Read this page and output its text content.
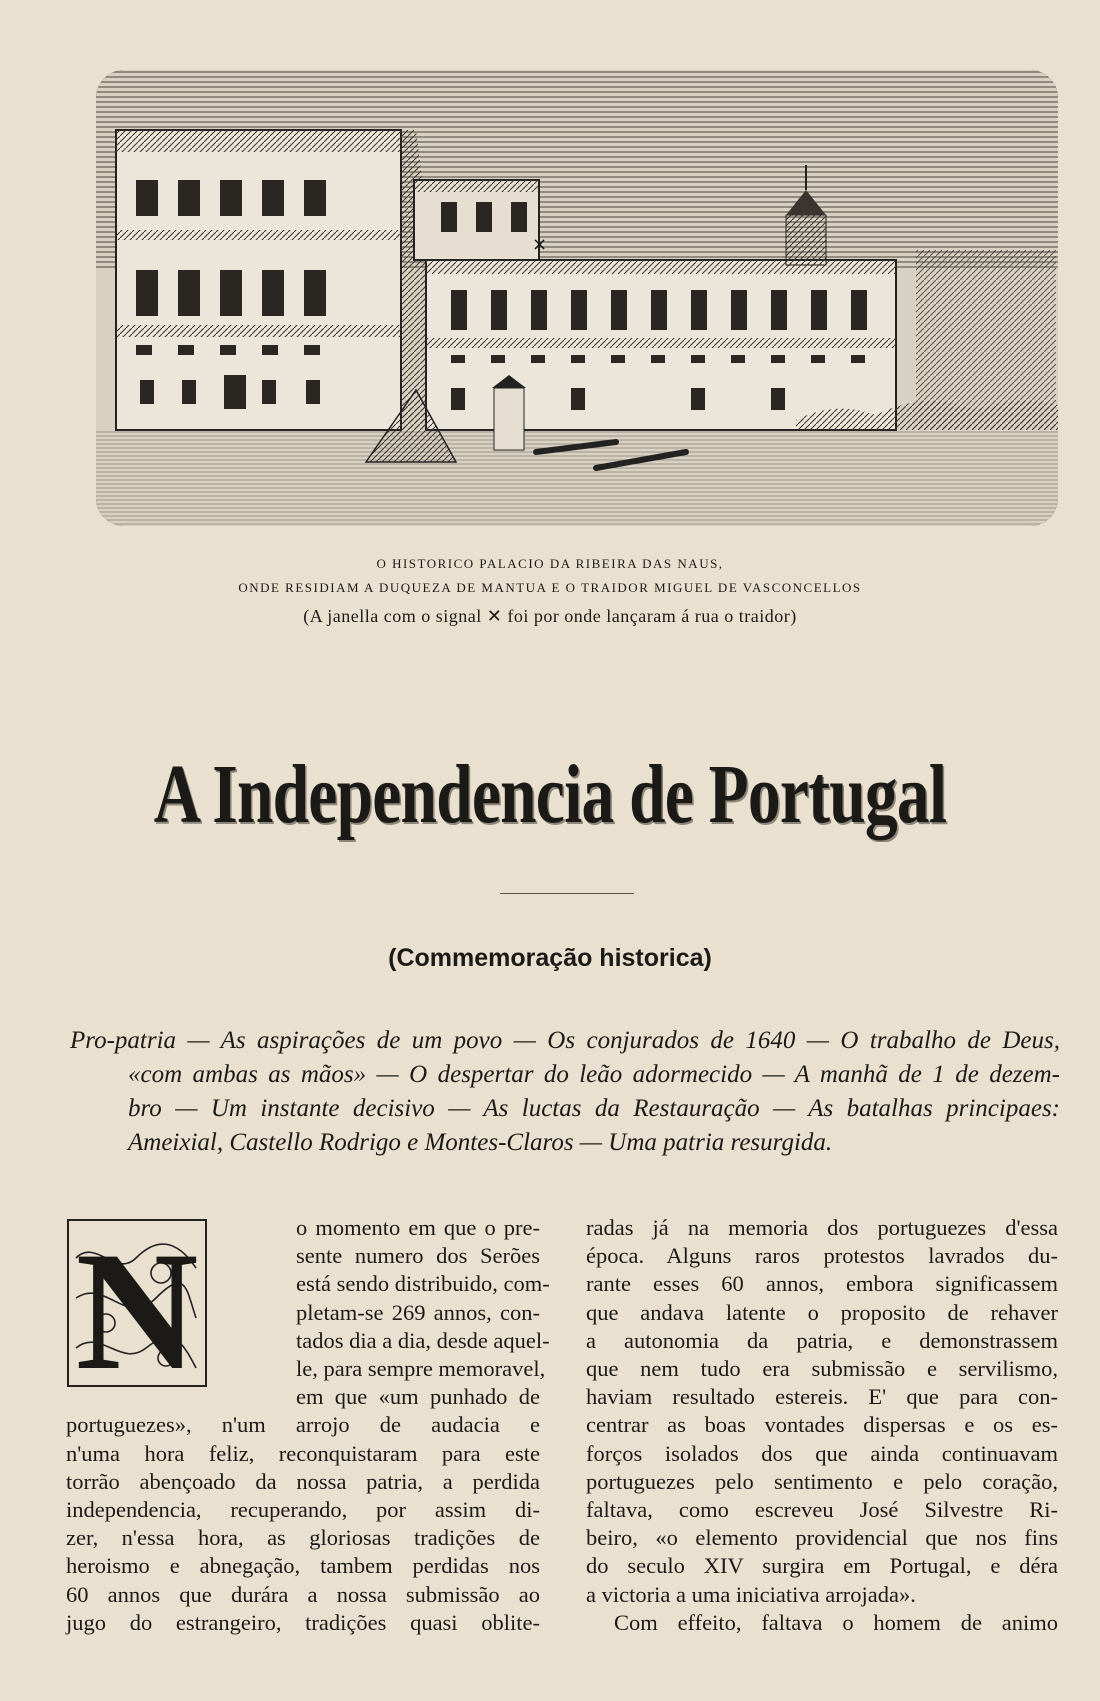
×
O HISTORICO PALACIO DA RIBEIRA DAS NAUS,
ONDE RESIDIAM A DUQUEZA DE MANTUA E O TRAIDOR MIGUEL DE VASCONCELLOS
(A janella com o signal ✕ foi por onde lançaram á rua o traidor)
A Independencia de Portugal
(Commemoração historica)
Pro-patria — As aspirações de um povo — Os conjurados de 1640 — O trabalho de Deus,
«com ambas as mãos» — O despertar do leão adormecido — A manhã de 1 de dezem-
bro — Um instante decisivo — As luctas da Restauração — As batalhas principaes:
Ameixial, Castello Rodrigo e Montes-Claros — Uma patria resurgida.
N	o momento em que o pre-
sente numero dos Serões
está sendo distribuido, com-
pletam-se 269 annos, con-
tados dia a dia, desde aquel-
le, para sempre memoravel,
em que «um punhado de
portuguezes», n'um arrojo de audacia e
n'uma hora feliz, reconquistaram para este
torrão abençoado da nossa patria, a perdida
independencia, recuperando, por assim di-
zer, n'essa hora, as gloriosas tradições de
heroismo e abnegação, tambem perdidas nos
60 annos que durára a nossa submissão ao
jugo do estrangeiro, tradições quasi oblite-
radas já na memoria dos portuguezes d'essa
época. Alguns raros protestos lavrados du-
rante esses 60 annos, embora significassem
que andava latente o proposito de rehaver
a autonomia da patria, e demonstrassem
que nem tudo era submissão e servilismo,
haviam resultado estereis. E' que para con-
centrar as boas vontades dispersas e os es-
forços isolados dos que ainda continuavam
portuguezes pelo sentimento e pelo coração,
faltava, como escreveu José Silvestre Ri-
beiro, «o elemento providencial que nos fins
do seculo XIV surgira em Portugal, e déra
a victoria a uma iniciativa arrojada».
Com effeito, faltava o homem de animo
